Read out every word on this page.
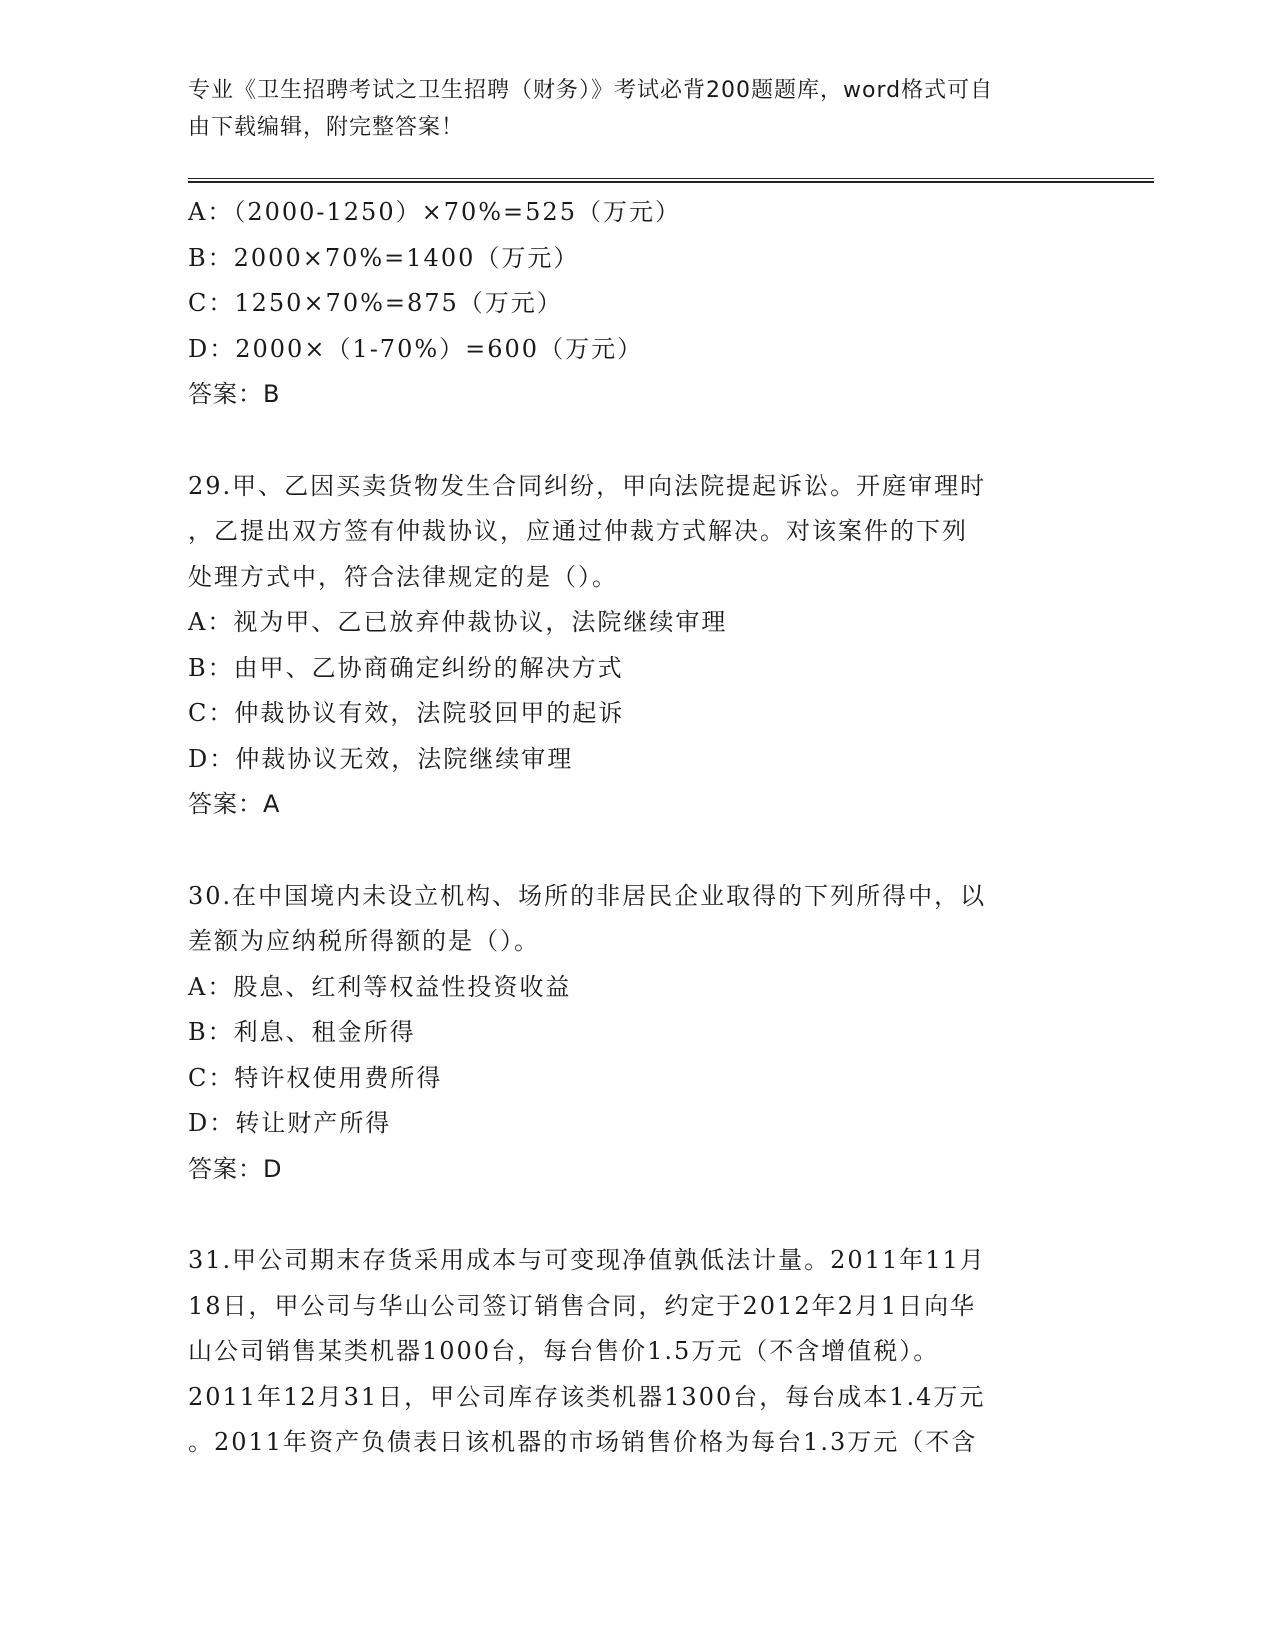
专业《卫生招聘考试之卫生招聘（财务）》考试必背200题题库，word格式可自
由下载编辑，附完整答案！
A：（2000-1250）×70%=525（万元）
B：2000×70%=1400（万元）
C：1250×70%=875（万元）
D：2000×（1-70%）=600（万元）
答案：B
29.甲、乙因买卖货物发生合同纠纷，甲向法院提起诉讼。开庭审理时
，乙提出双方签有仲裁协议，应通过仲裁方式解决。对该案件的下列
处理方式中，符合法律规定的是（）。
A：视为甲、乙已放弃仲裁协议，法院继续审理
B：由甲、乙协商确定纠纷的解决方式
C：仲裁协议有效，法院驳回甲的起诉
D：仲裁协议无效，法院继续审理
答案：A
30.在中国境内未设立机构、场所的非居民企业取得的下列所得中，以
差额为应纳税所得额的是（）。
A：股息、红利等权益性投资收益
B：利息、租金所得
C：特许权使用费所得
D：转让财产所得
答案：D
31.甲公司期末存货采用成本与可变现净值孰低法计量。2011年11月
18日，甲公司与华山公司签订销售合同，约定于2012年2月1日向华
山公司销售某类机器1000台，每台售价1.5万元（不含增值税）。
2011年12月31日，甲公司库存该类机器1300台，每台成本1.4万元
。2011年资产负债表日该机器的市场销售价格为每台1.3万元（不含
